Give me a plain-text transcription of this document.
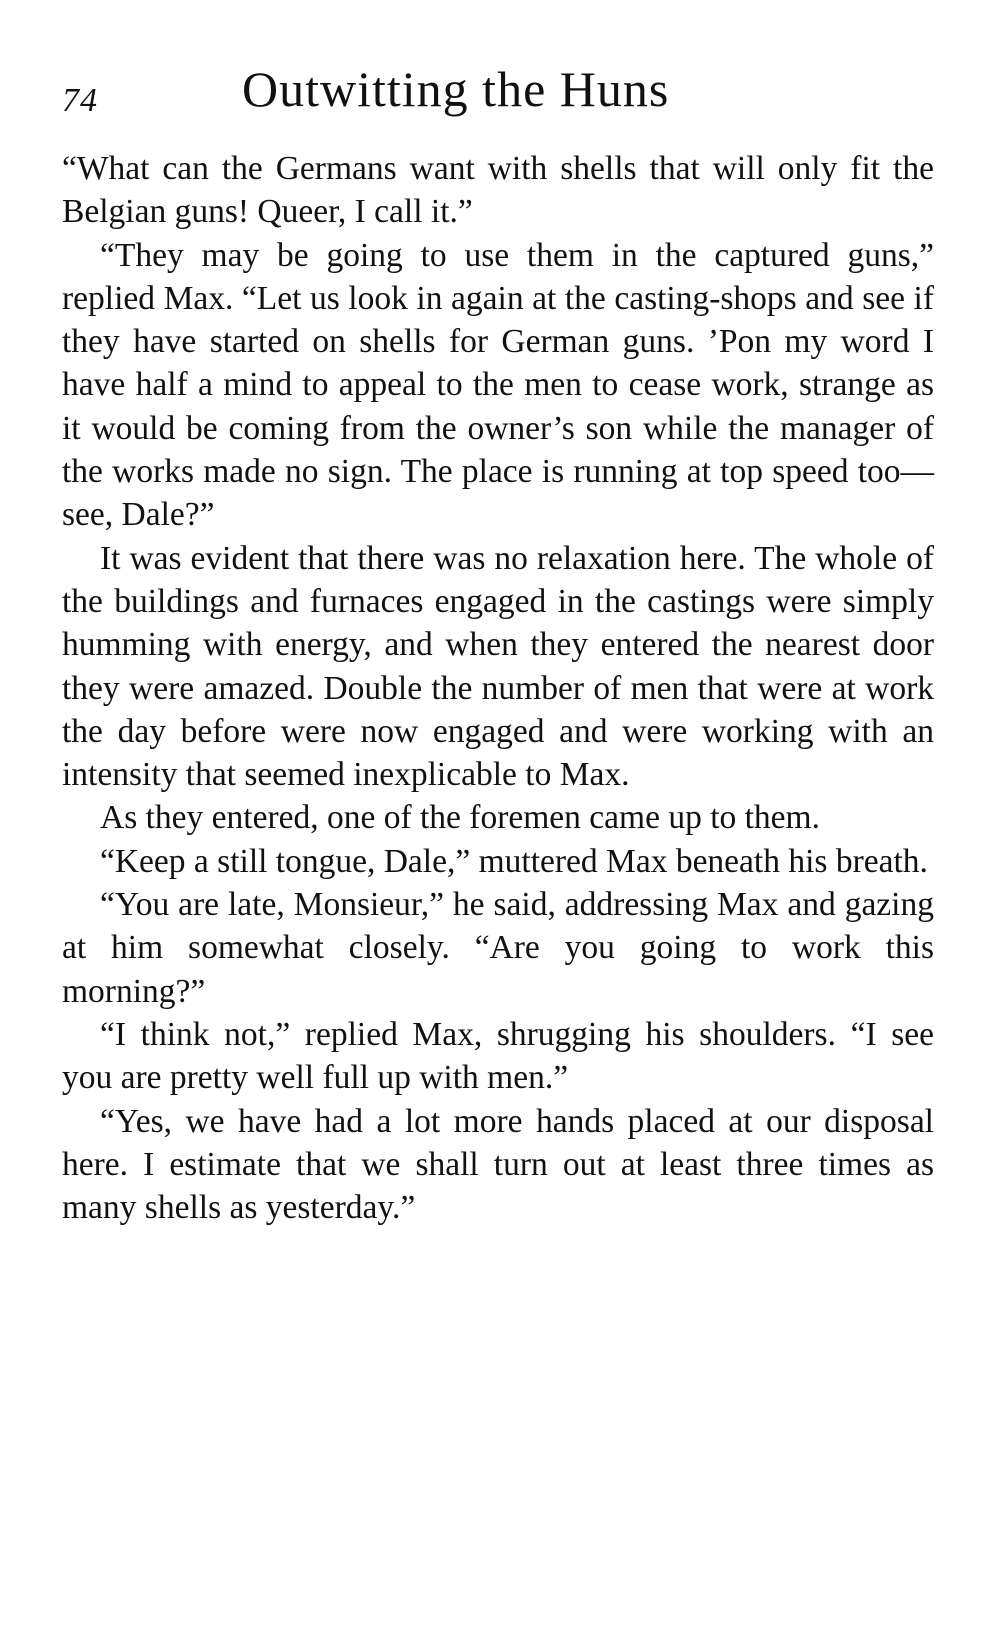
74	Outwitting the Huns

“What can the Germans want with shells that will only fit the Belgian guns! Queer, I call it.”

“They may be going to use them in the captured guns,” replied Max. “Let us look in again at the casting-shops and see if they have started on shells for German guns. ’Pon my word I have half a mind to appeal to the men to cease work, strange as it would be coming from the owner’s son while the manager of the works made no sign. The place is running at top speed too—see, Dale?”

It was evident that there was no relaxation here. The whole of the buildings and furnaces engaged in the castings were simply humming with energy, and when they entered the nearest door they were amazed. Double the number of men that were at work the day before were now engaged and were working with an intensity that seemed inexplicable to Max.

As they entered, one of the foremen came up to them.

“Keep a still tongue, Dale,” muttered Max beneath his breath.

“You are late, Monsieur,” he said, addressing Max and gazing at him somewhat closely. “Are you going to work this morning?”

“I think not,” replied Max, shrugging his shoulders. “I see you are pretty well full up with men.”

“Yes, we have had a lot more hands placed at our disposal here. I estimate that we shall turn out at least three times as many shells as yesterday.”
